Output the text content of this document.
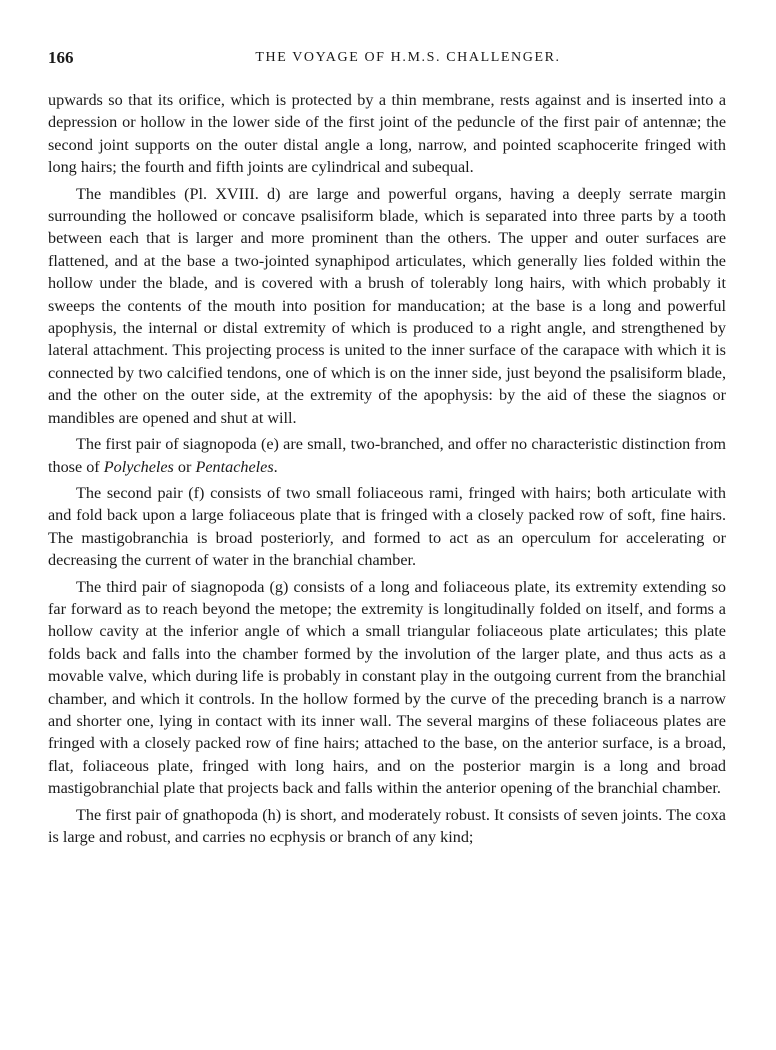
166	THE VOYAGE OF H.M.S. CHALLENGER.

upwards so that its orifice, which is protected by a thin membrane, rests against and is inserted into a depression or hollow in the lower side of the first joint of the peduncle of the first pair of antennæ; the second joint supports on the outer distal angle a long, narrow, and pointed scaphocerite fringed with long hairs; the fourth and fifth joints are cylindrical and subequal.

The mandibles (Pl. XVIII. d) are large and powerful organs, having a deeply serrate margin surrounding the hollowed or concave psalisiform blade, which is separated into three parts by a tooth between each that is larger and more prominent than the others. The upper and outer surfaces are flattened, and at the base a two-jointed synaphipod articulates, which generally lies folded within the hollow under the blade, and is covered with a brush of tolerably long hairs, with which probably it sweeps the contents of the mouth into position for manducation; at the base is a long and powerful apophysis, the internal or distal extremity of which is produced to a right angle, and strengthened by lateral attachment. This projecting process is united to the inner surface of the carapace with which it is connected by two calcified tendons, one of which is on the inner side, just beyond the psalisiform blade, and the other on the outer side, at the extremity of the apophysis: by the aid of these the siagnos or mandibles are opened and shut at will.

The first pair of siagnopoda (e) are small, two-branched, and offer no characteristic distinction from those of Polycheles or Pentacheles.

The second pair (f) consists of two small foliaceous rami, fringed with hairs; both articulate with and fold back upon a large foliaceous plate that is fringed with a closely packed row of soft, fine hairs. The mastigobranchia is broad posteriorly, and formed to act as an operculum for accelerating or decreasing the current of water in the branchial chamber.

The third pair of siagnopoda (g) consists of a long and foliaceous plate, its extremity extending so far forward as to reach beyond the metope; the extremity is longitudinally folded on itself, and forms a hollow cavity at the inferior angle of which a small triangular foliaceous plate articulates; this plate folds back and falls into the chamber formed by the involution of the larger plate, and thus acts as a movable valve, which during life is probably in constant play in the outgoing current from the branchial chamber, and which it controls. In the hollow formed by the curve of the preceding branch is a narrow and shorter one, lying in contact with its inner wall. The several margins of these foliaceous plates are fringed with a closely packed row of fine hairs; attached to the base, on the anterior surface, is a broad, flat, foliaceous plate, fringed with long hairs, and on the posterior margin is a long and broad mastigobranchial plate that projects back and falls within the anterior opening of the branchial chamber.

The first pair of gnathopoda (h) is short, and moderately robust. It consists of seven joints. The coxa is large and robust, and carries no ecphysis or branch of any kind;
